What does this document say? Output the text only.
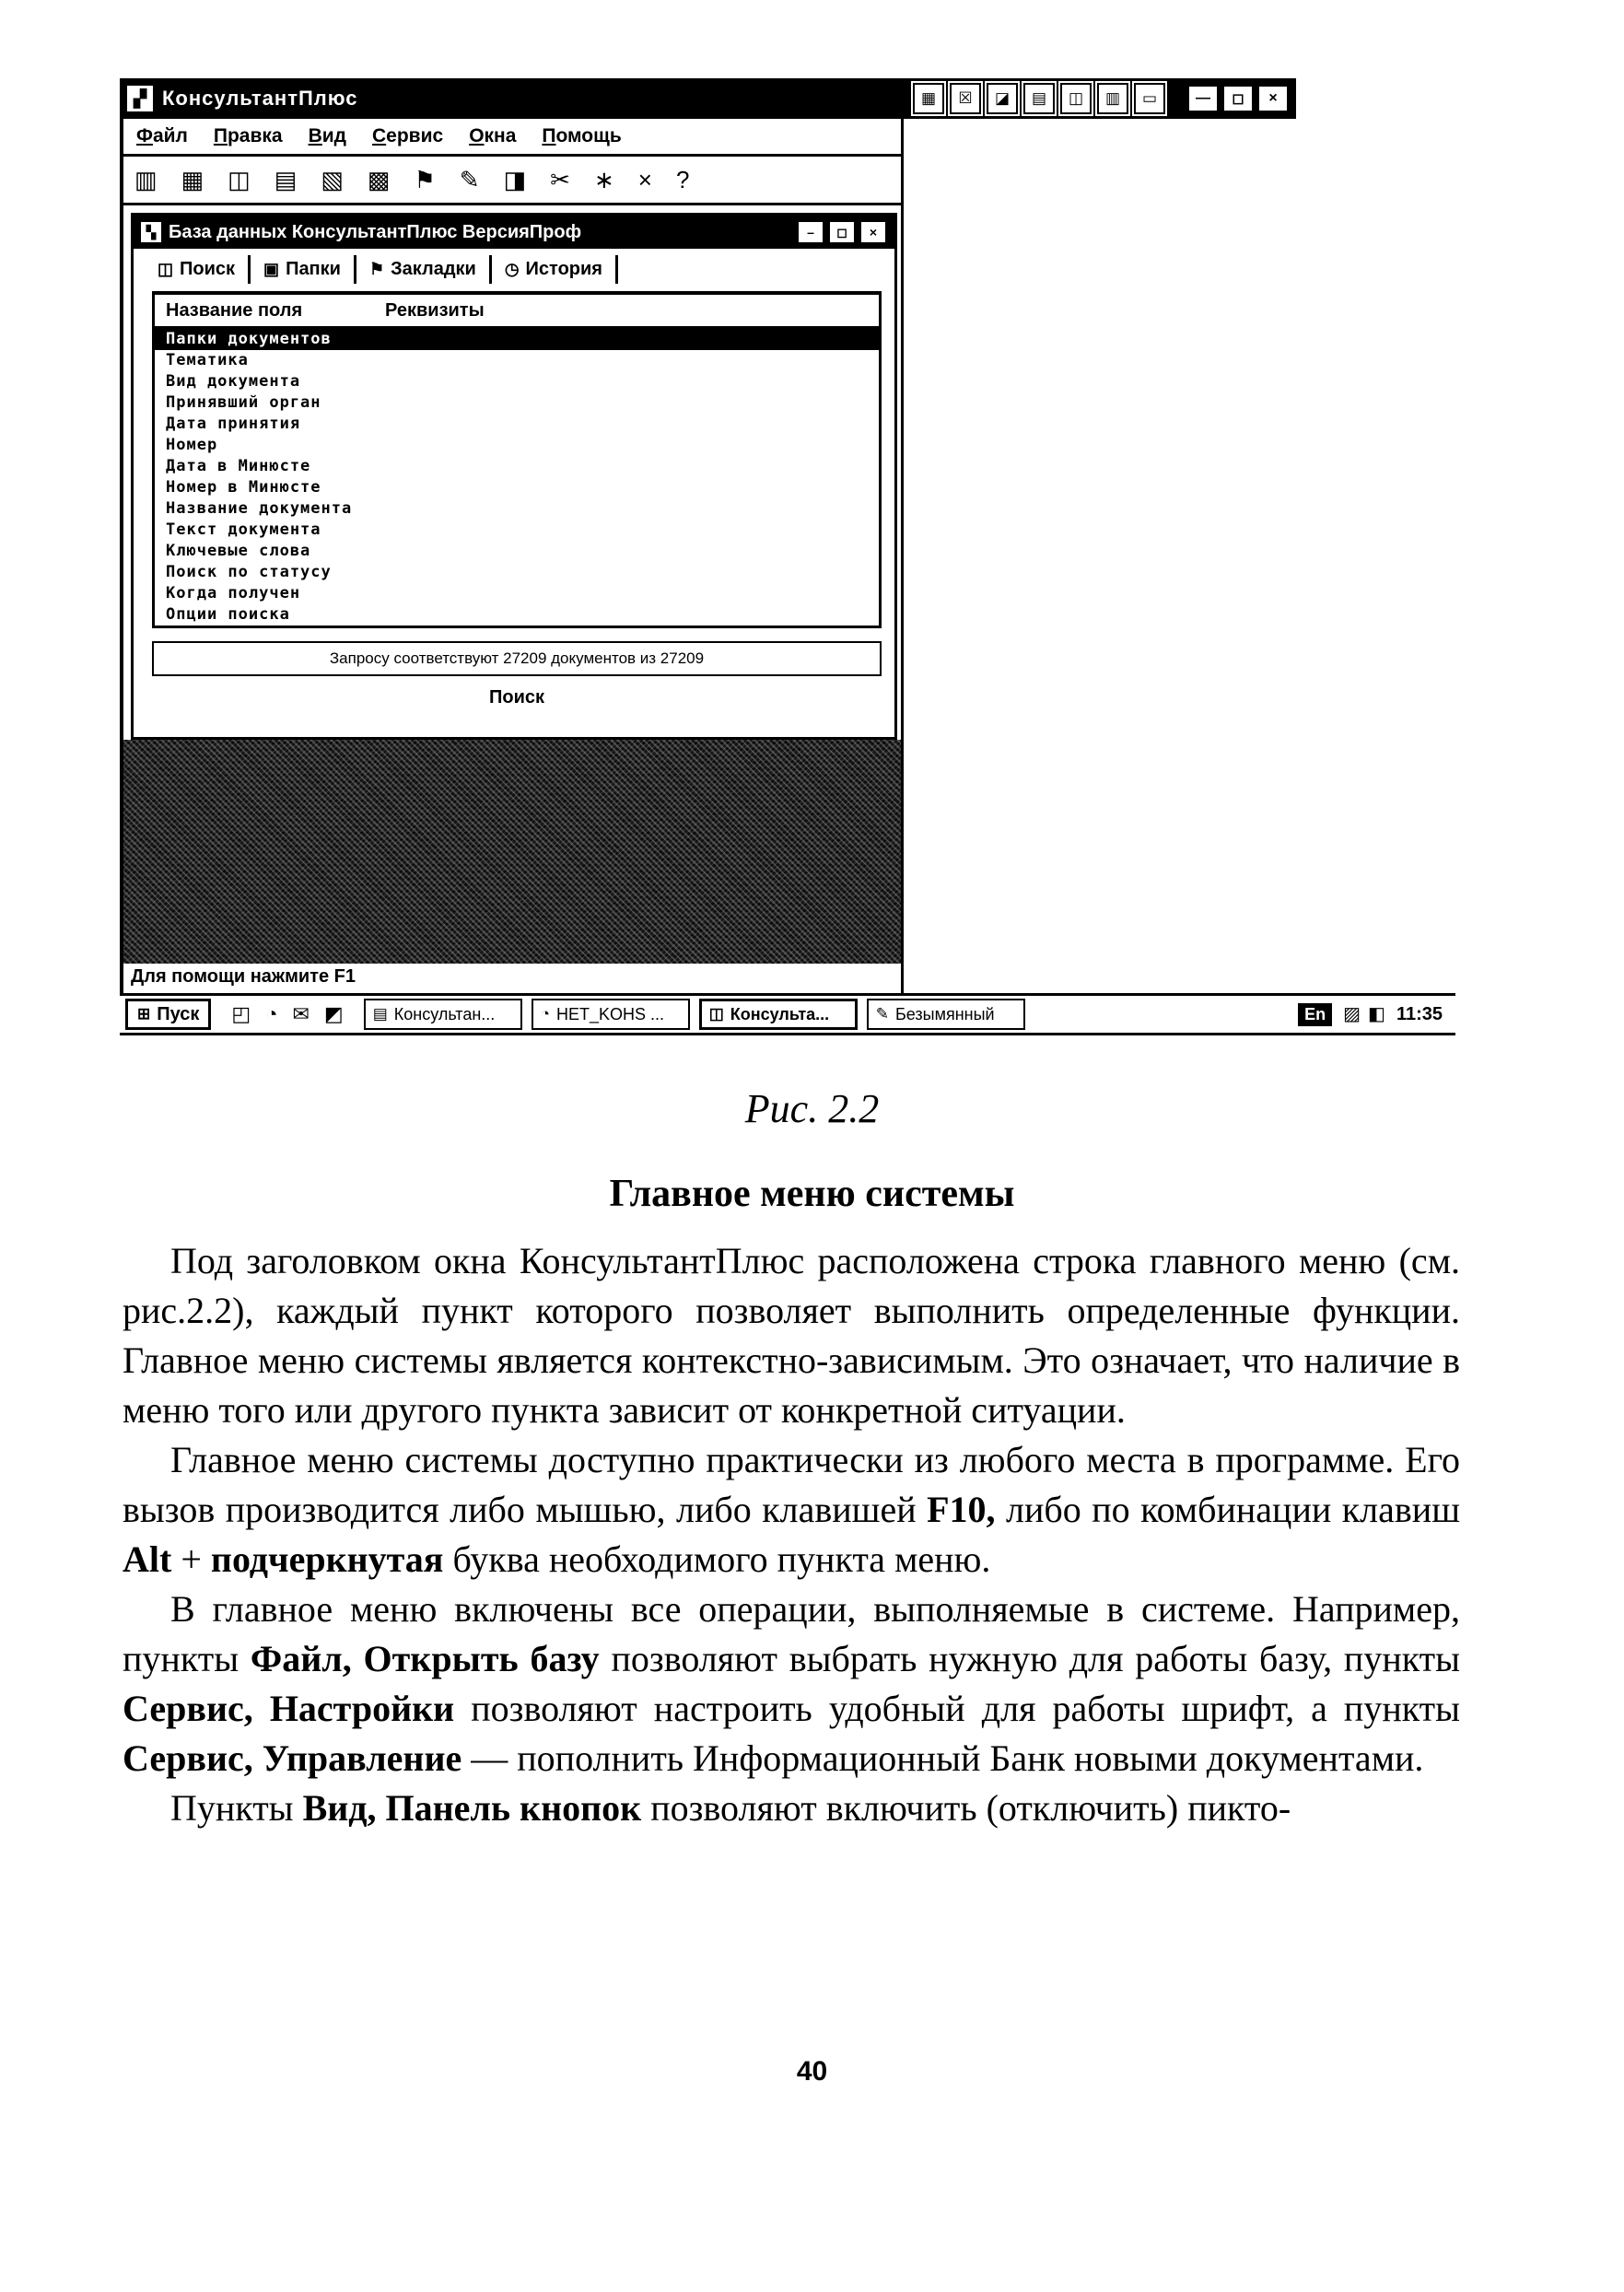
▞ КонсультантПлюс	▦	☒	◪	▤	◫	▥	▭	—	◻	×
Файл Правка Вид Сервис Окна Помощь
▥ ▦ ◫ ▤ ▧ ▩ ⚑ ✎ ◨ ✂ ∗ × ?
▚ База данных КонсультантПлюс ВерсияПроф	–	◻	×
◫ Поиск ▣ Папки ⚑ Закладки ◷ История
Название поля	Реквизиты
Папки документов
Тематика
Вид документа
Принявший орган
Дата принятия
Номер
Дата в Минюсте
Номер в Минюсте
Название документа
Текст документа
Ключевые слова
Поиск по статусу
Когда получен
Опции поиска
Запросу соответствуют 27209 документов из 27209
Поиск
Для помощи нажмите F1
⊞ Пуск ◰ ◔ ✉ ◩ ▤ Консультан...	◔ НЕТ_KOHS ...	◫ Консульта...	✎ Безымянный	En ▨ ◧ 11:35
Рис. 2.2
Главное меню системы

Под заголовком окна КонсультантПлюс расположена строка главного меню (см. рис.2.2), каждый пункт которого позволяет выполнить определенные функции. Главное меню системы является контекстно-зависимым. Это означает, что наличие в меню того или другого пункта зависит от конкретной ситуации.

Главное меню системы доступно практически из любого места в программе. Его вызов производится либо мышью, либо клавишей F10, либо по комбинации клавиш Alt + подчеркнутая буква необходимого пункта меню.

В главное меню включены все операции, выполняемые в системе. Например, пункты Файл, Открыть базу позволяют выбрать нужную для работы базу, пункты Сервис, Настройки позволяют настроить удобный для работы шрифт, а пункты Сервис, Управление — пополнить Информационный Банк новыми документами.

Пункты Вид, Панель кнопок позволяют включить (отключить) пикто-

40
